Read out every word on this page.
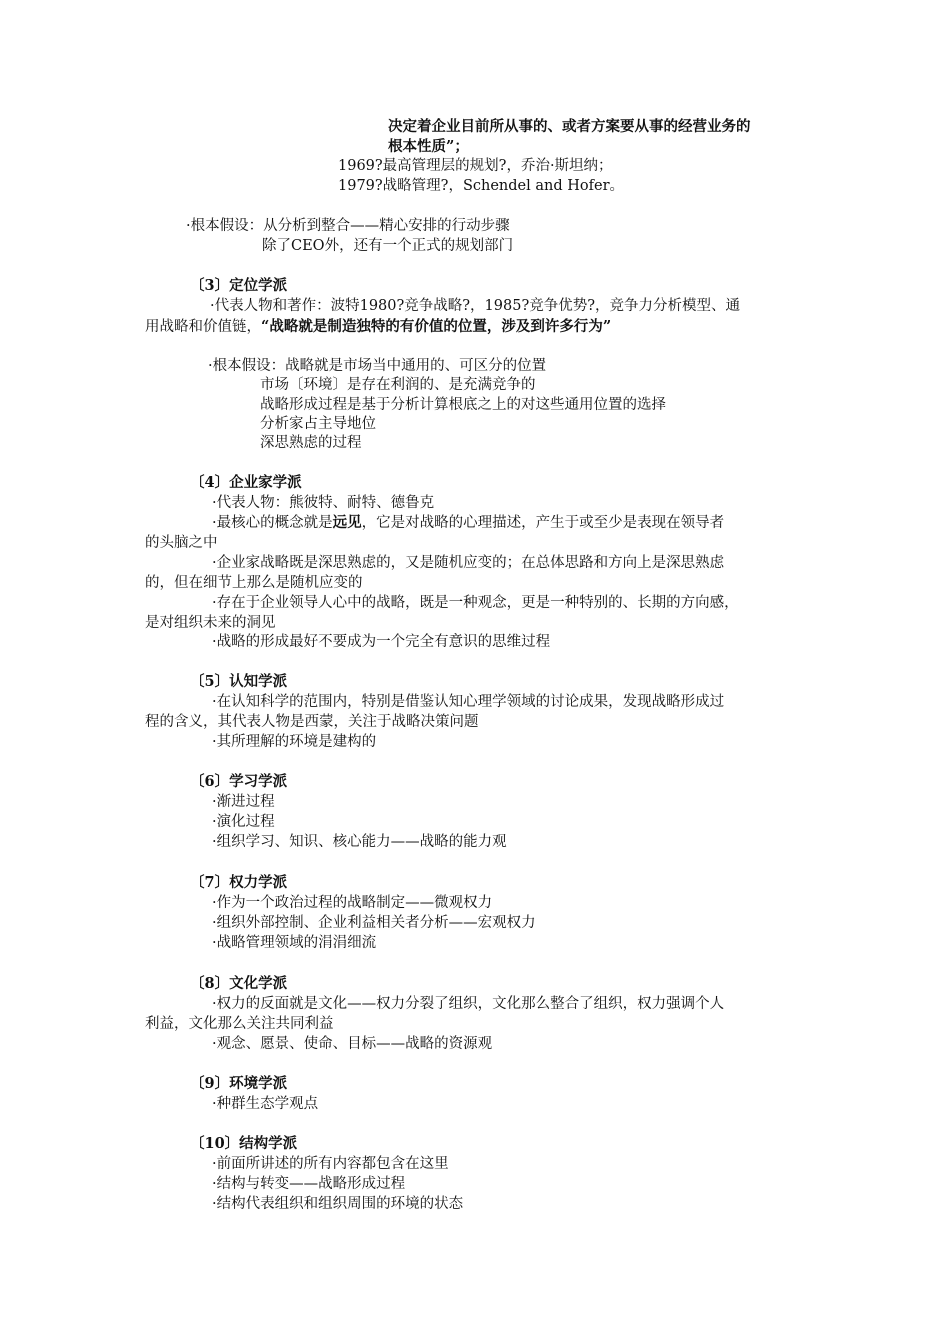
决定着企业目前所从事的、或者方案要从事的经营业务的
根本性质”；
1969?最高管理层的规划?，乔治·斯坦纳；
1979?战略管理?，Schendel and Hofer。
·根本假设：从分析到整合——精心安排的行动步骤
除了CEO外，还有一个正式的规划部门
〔3〕定位学派
·代表人物和著作：波特1980?竞争战略?，1985?竞争优势?，竞争力分析模型、通
用战略和价值链，“战略就是制造独特的有价值的位置，涉及到许多行为”
·根本假设：战略就是市场当中通用的、可区分的位置
市场〔环境〕是存在利润的、是充满竞争的
战略形成过程是基于分析计算根底之上的对这些通用位置的选择
分析家占主导地位
深思熟虑的过程
〔4〕企业家学派
·代表人物：熊彼特、耐特、德鲁克
·最核心的概念就是远见，它是对战略的心理描述，产生于或至少是表现在领导者
的头脑之中
·企业家战略既是深思熟虑的，又是随机应变的；在总体思路和方向上是深思熟虑
的，但在细节上那么是随机应变的
·存在于企业领导人心中的战略，既是一种观念，更是一种特别的、长期的方向感，
是对组织未来的洞见
·战略的形成最好不要成为一个完全有意识的思维过程
〔5〕认知学派
·在认知科学的范围内，特别是借鉴认知心理学领域的讨论成果，发现战略形成过
程的含义，其代表人物是西蒙，关注于战略决策问题
·其所理解的环境是建构的
〔6〕学习学派
·渐进过程
·演化过程
·组织学习、知识、核心能力——战略的能力观
〔7〕权力学派
·作为一个政治过程的战略制定——微观权力
·组织外部控制、企业利益相关者分析——宏观权力
·战略管理领域的涓涓细流
〔8〕文化学派
·权力的反面就是文化——权力分裂了组织，文化那么整合了组织，权力强调个人
利益，文化那么关注共同利益
·观念、愿景、使命、目标——战略的资源观
〔9〕环境学派
·种群生态学观点
〔10〕结构学派
·前面所讲述的所有内容都包含在这里
·结构与转变——战略形成过程
·结构代表组织和组织周围的环境的状态
